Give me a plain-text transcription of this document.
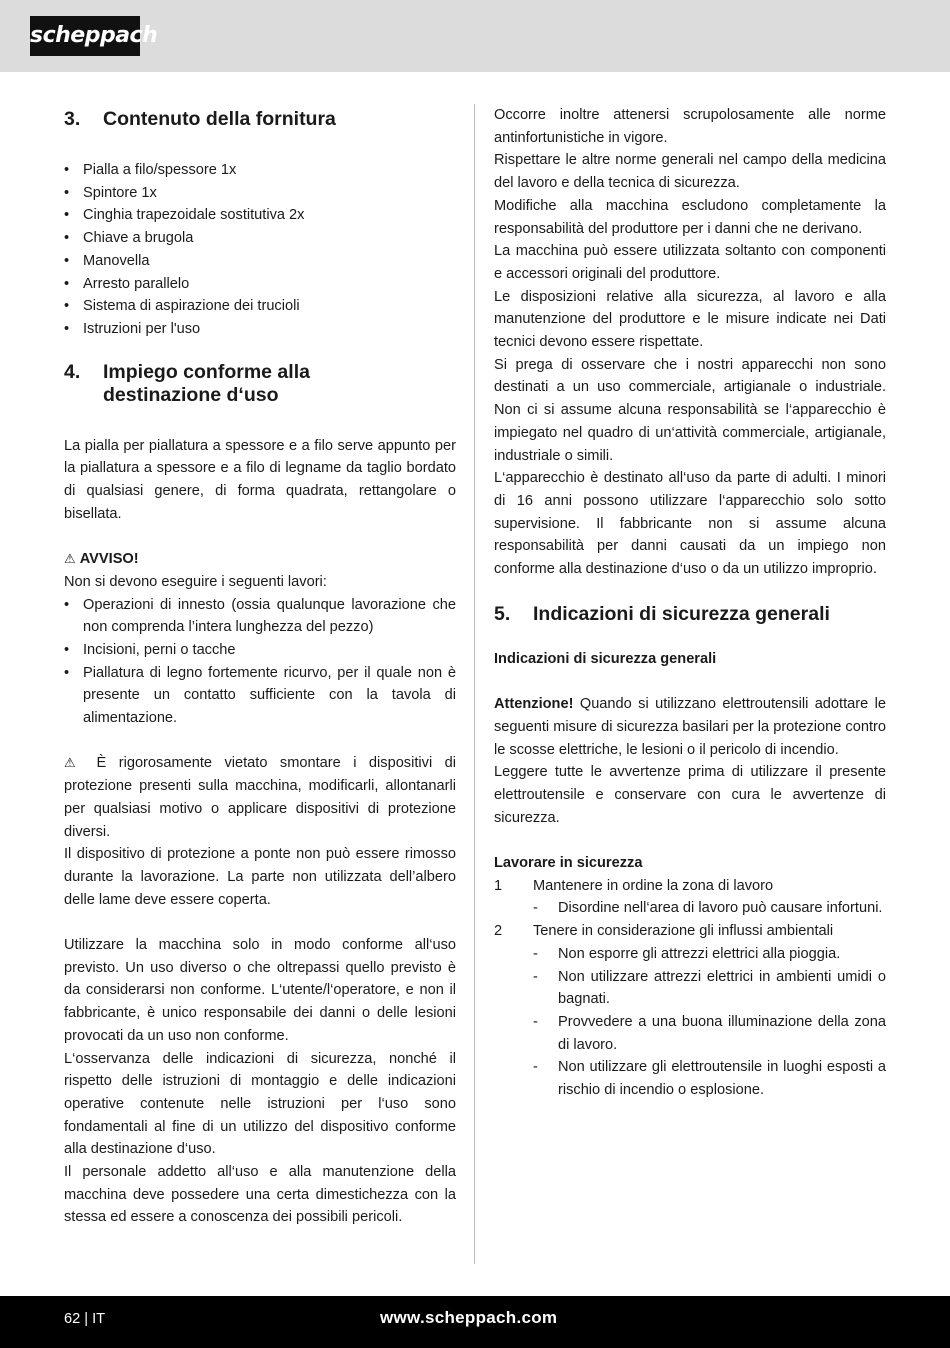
scheppach
3.	Contenuto della fornitura
• Pialla a filo/spessore 1x
• Spintore 1x
• Cinghia trapezoidale sostitutiva 2x
• Chiave a brugola
• Manovella
• Arresto parallelo
• Sistema di aspirazione dei trucioli
• Istruzioni per l'uso
4.	Impiego conforme alla
destinazione d‘uso

La pialla per piallatura a spessore e a filo serve appunto per la piallatura a spessore e a filo di legname da taglio bordato di qualsiasi genere, di forma quadrata, rettangolare o bisellata.

⚠ AVVISO!

Non si devono eseguire i seguenti lavori:

• Operazioni di innesto (ossia qualunque lavorazione che non comprenda l’intera lunghezza del pezzo)
• Incisioni, perni o tacche
• Piallatura di legno fortemente ricurvo, per il quale non è presente un contatto sufficiente con la tavola di alimentazione.

⚠ È rigorosamente vietato smontare i dispositivi di protezione presenti sulla macchina, modificarli, allontanarli per qualsiasi motivo o applicare dispositivi di protezione diversi.

Il dispositivo di protezione a ponte non può essere rimosso durante la lavorazione. La parte non utilizzata dell’albero delle lame deve essere coperta.

Utilizzare la macchina solo in modo conforme all‘uso previsto. Un uso diverso o che oltrepassi quello previsto è da considerarsi non conforme. L‘utente/l‘operatore, e non il fabbricante, è unico responsabile dei danni o delle lesioni provocati da un uso non conforme.

L‘osservanza delle indicazioni di sicurezza, nonché il rispetto delle istruzioni di montaggio e delle indicazioni operative contenute nelle istruzioni per l‘uso sono fondamentali al fine di un utilizzo del dispositivo conforme alla destinazione d‘uso.

Il personale addetto all‘uso e alla manutenzione della macchina deve possedere una certa dimestichezza con la stessa ed essere a conoscenza dei possibili pericoli.

Occorre inoltre attenersi scrupolosamente alle norme antinfortunistiche in vigore.

Rispettare le altre norme generali nel campo della medicina del lavoro e della tecnica di sicurezza.

Modifiche alla macchina escludono completamente la responsabilità del produttore per i danni che ne derivano.

La macchina può essere utilizzata soltanto con componenti e accessori originali del produttore.

Le disposizioni relative alla sicurezza, al lavoro e alla manutenzione del produttore e le misure indicate nei Dati tecnici devono essere rispettate.

Si prega di osservare che i nostri apparecchi non sono destinati a un uso commerciale, artigianale o industriale. Non ci si assume alcuna responsabilità se l‘apparecchio è impiegato nel quadro di un‘attività commerciale, artigianale, industriale o simili.

L‘apparecchio è destinato all‘uso da parte di adulti. I minori di 16 anni possono utilizzare l‘apparecchio solo sotto supervisione. Il fabbricante non si assume alcuna responsabilità per danni causati da un impiego non conforme alla destinazione d‘uso o da un utilizzo improprio.

5.	Indicazioni di sicurezza generali
Indicazioni di sicurezza generali

Attenzione! Quando si utilizzano elettroutensili adottare le seguenti misure di sicurezza basilari per la protezione contro le scosse elettriche, le lesioni o il pericolo di incendio.

Leggere tutte le avvertenze prima di utilizzare il presente elettroutensile e conservare con cura le avvertenze di sicurezza.

Lavorare in sicurezza
1	Mantenere in ordine la zona di lavoro
-	Disordine nell‘area di lavoro può causare infortuni.
2	Tenere in considerazione gli influssi ambientali
-	Non esporre gli attrezzi elettrici alla pioggia.
-	Non utilizzare attrezzi elettrici in ambienti umidi o bagnati.
-	Provvedere a una buona illuminazione della zona di lavoro.
-	Non utilizzare gli elettroutensile in luoghi esposti a rischio di incendio o esplosione.
62 | IT	www.scheppach.com
